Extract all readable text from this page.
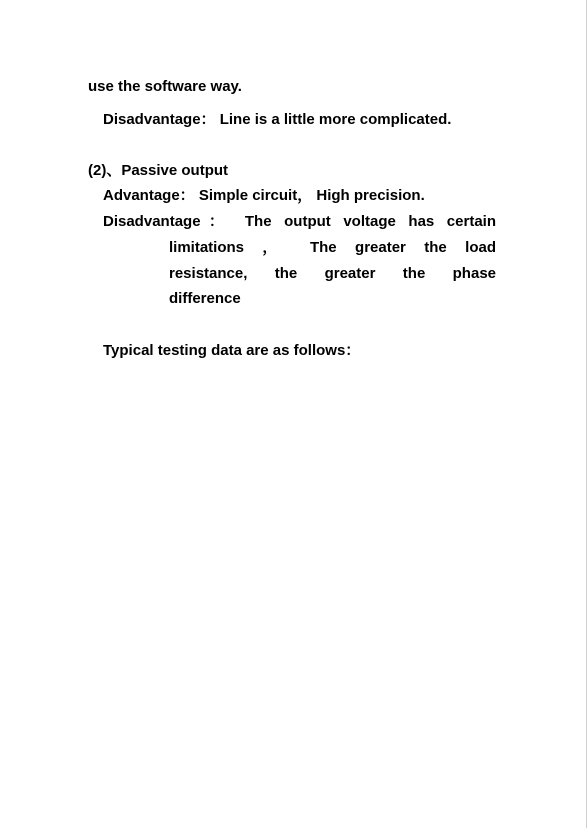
use the software way.
Disadvantage： Line is a little more complicated.
(2)、Passive output
Advantage： Simple circuit， High precision.
Disadvantage： The output voltage has certain
limitations ， The greater the load
resistance, the greater the phase
difference
Typical testing data are as follows：
